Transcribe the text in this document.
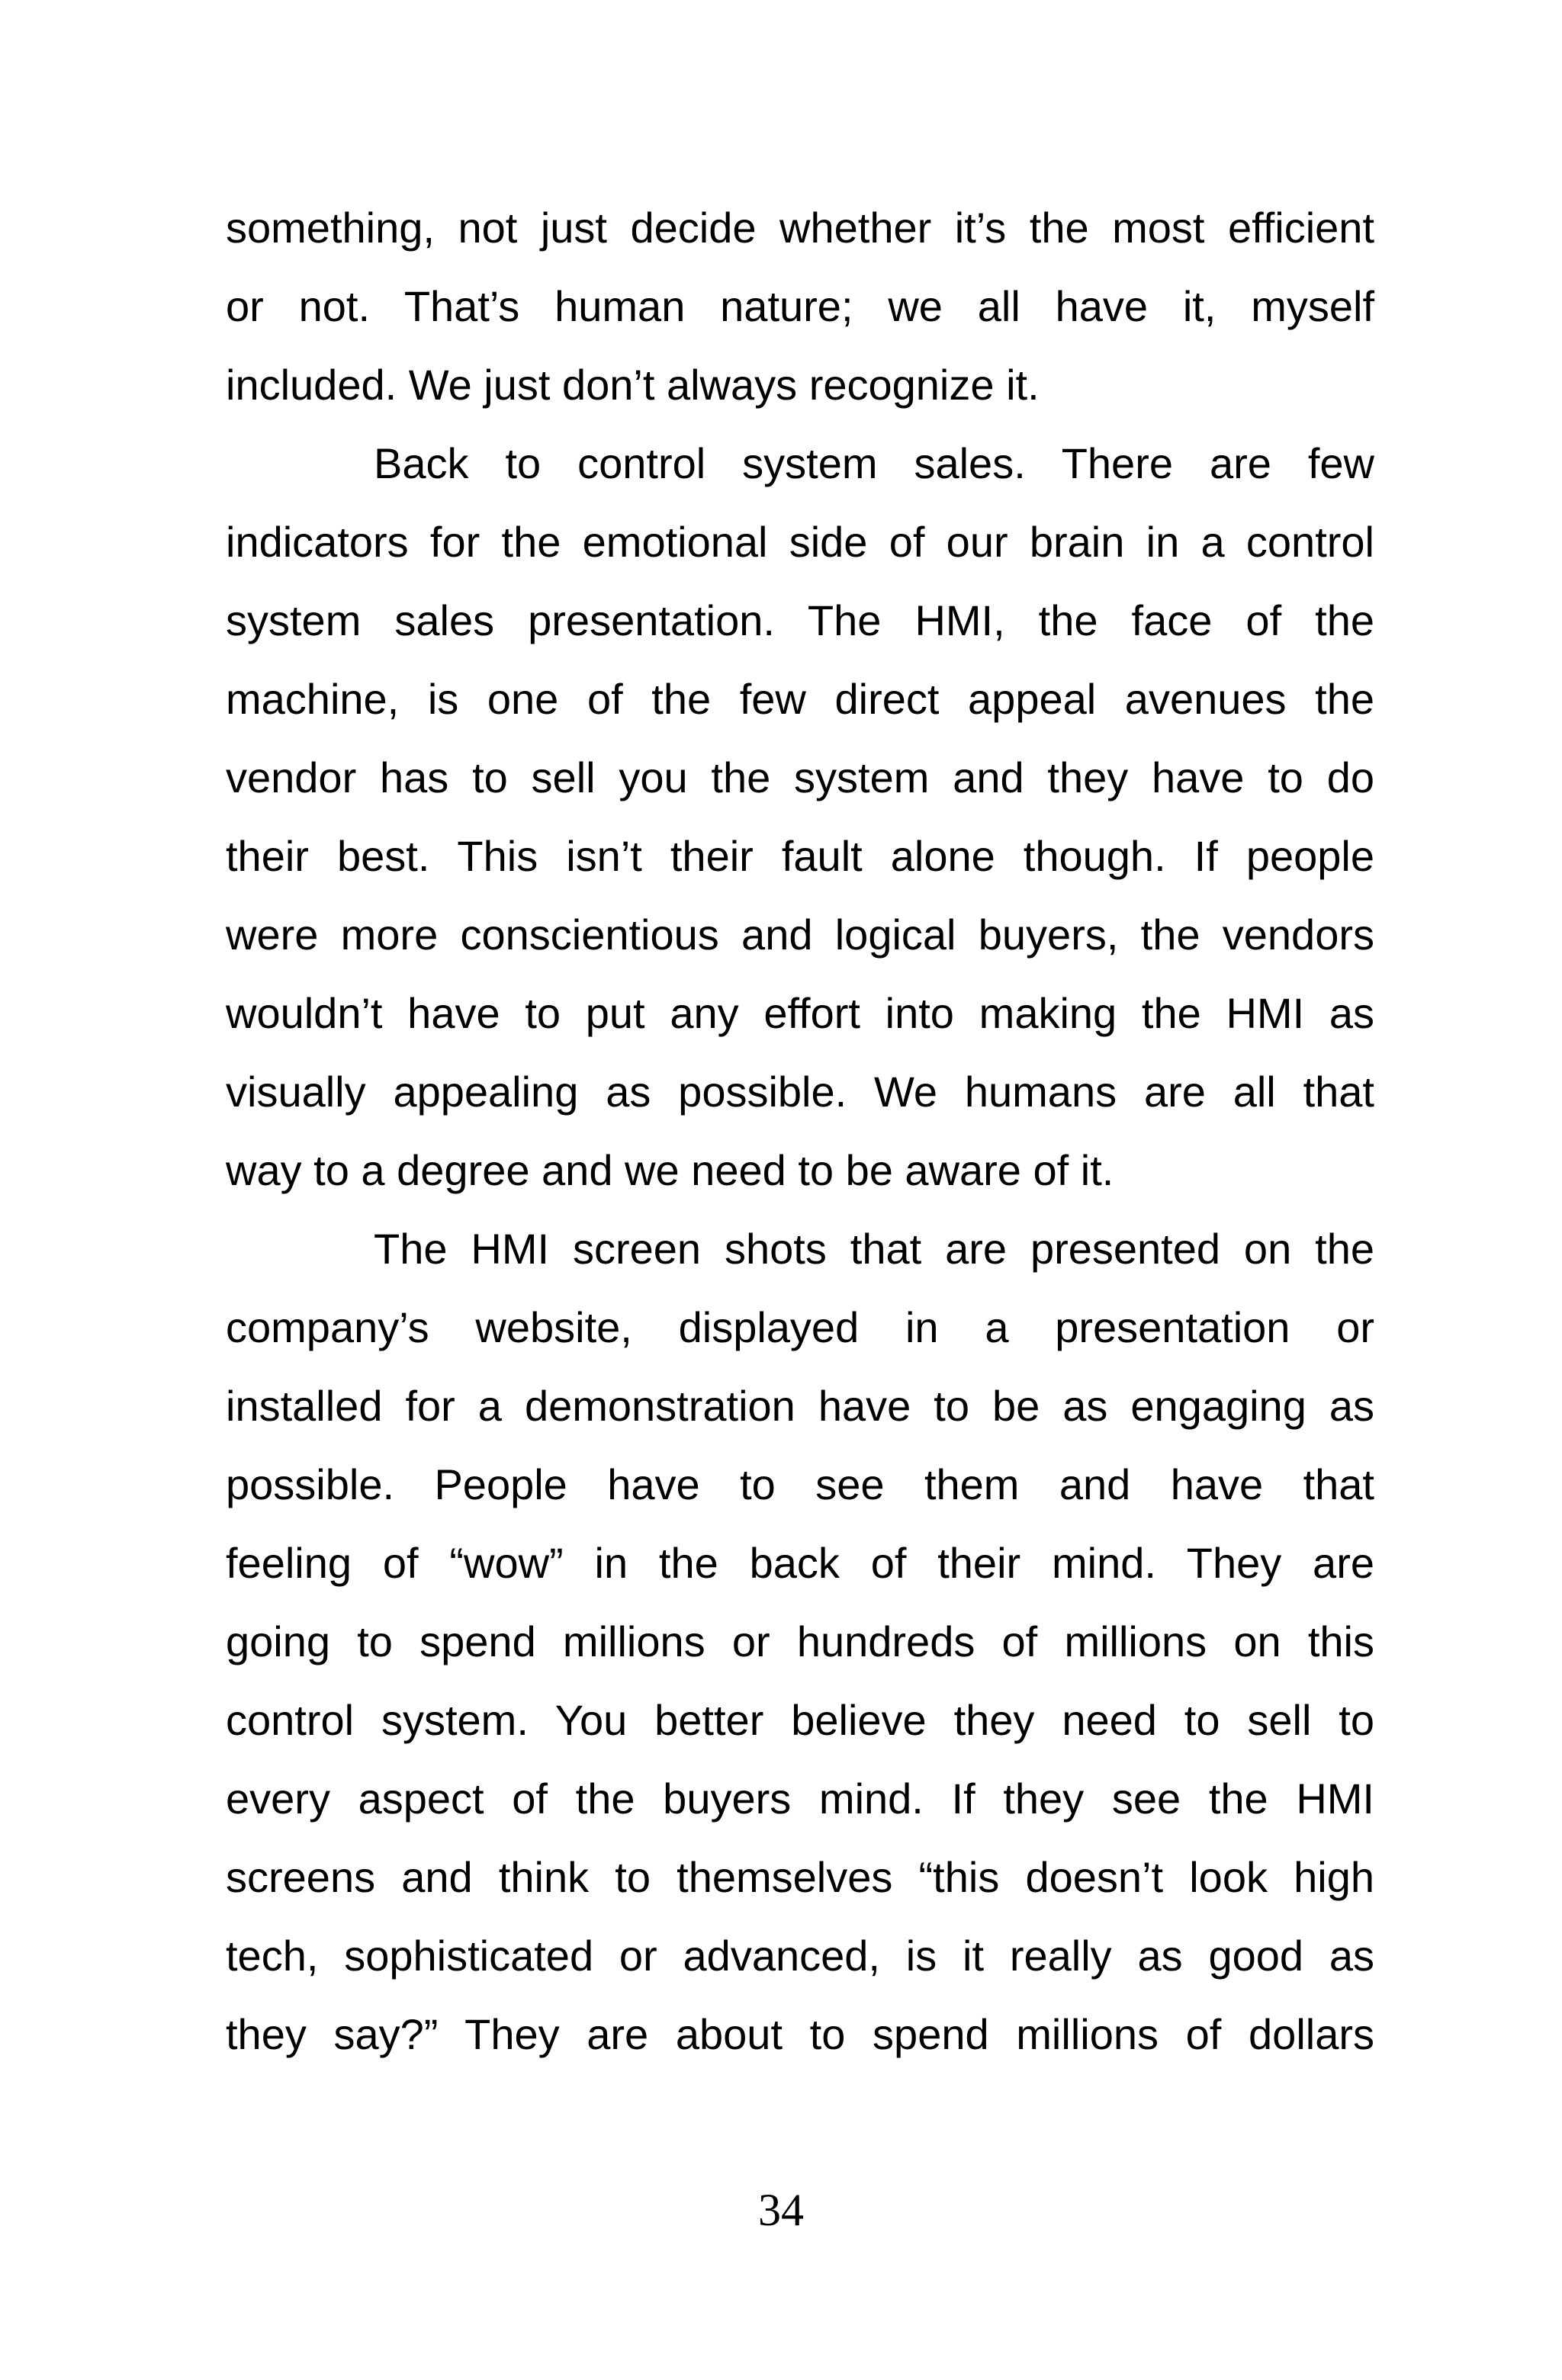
something, not just decide whether it’s the most efficient
or not. That’s human nature; we all have it, myself
included. We just don’t always recognize it.
Back to control system sales. There are few
indicators for the emotional side of our brain in a control
system sales presentation. The HMI, the face of the
machine, is one of the few direct appeal avenues the
vendor has to sell you the system and they have to do
their best. This isn’t their fault alone though. If people
were more conscientious and logical buyers, the vendors
wouldn’t have to put any effort into making the HMI as
visually appealing as possible. We humans are all that
way to a degree and we need to be aware of it.
The HMI screen shots that are presented on the
company’s website, displayed in a presentation or
installed for a demonstration have to be as engaging as
possible. People have to see them and have that
feeling of “wow” in the back of their mind. They are
going to spend millions or hundreds of millions on this
control system. You better believe they need to sell to
every aspect of the buyers mind. If they see the HMI
screens and think to themselves “this doesn’t look high
tech, sophisticated or advanced, is it really as good as
they say?” They are about to spend millions of dollars
34
